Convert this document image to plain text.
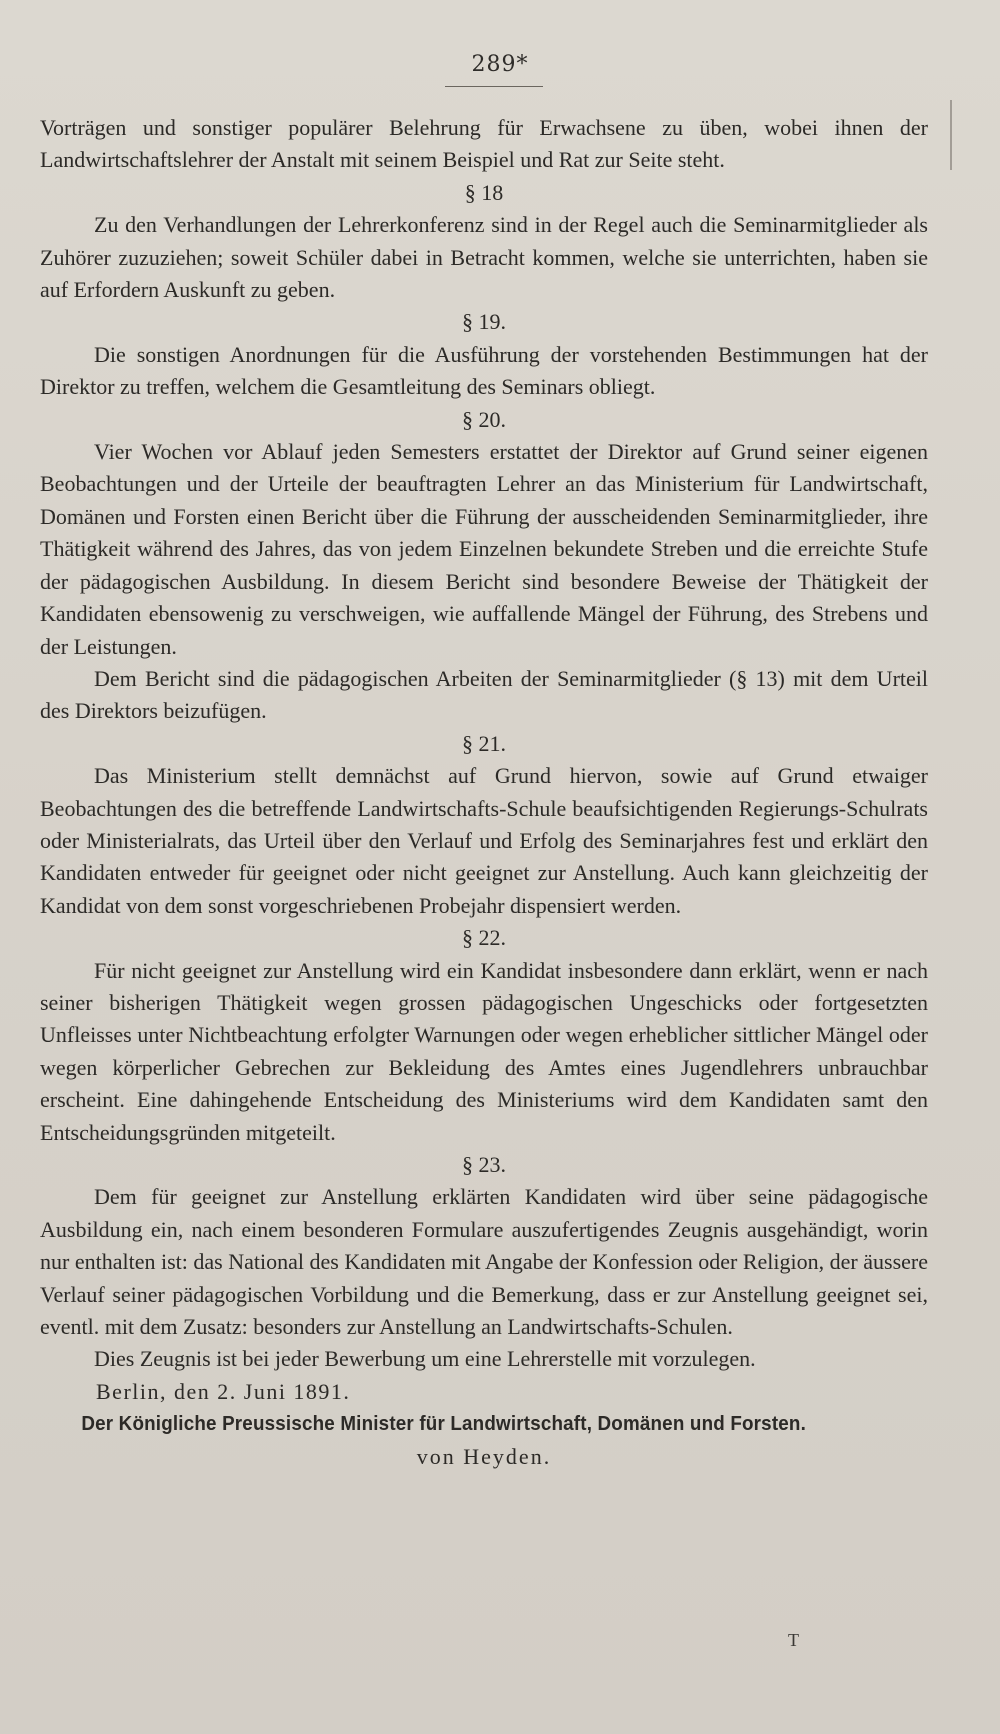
289*

Vorträgen und sonstiger populärer Belehrung für Erwachsene zu üben, wobei ihnen der Landwirtschaftslehrer der Anstalt mit seinem Beispiel und Rat zur Seite steht.

§ 18

Zu den Verhandlungen der Lehrerkonferenz sind in der Regel auch die Seminarmitglieder als Zuhörer zuzuziehen; soweit Schüler dabei in Betracht kommen, welche sie unterrichten, haben sie auf Erfordern Auskunft zu geben.

§ 19.

Die sonstigen Anordnungen für die Ausführung der vorstehenden Bestimmungen hat der Direktor zu treffen, welchem die Gesamtleitung des Seminars obliegt.

§ 20.

Vier Wochen vor Ablauf jeden Semesters erstattet der Direktor auf Grund seiner eigenen Beobachtungen und der Urteile der beauftragten Lehrer an das Ministerium für Landwirtschaft, Domänen und Forsten einen Bericht über die Führung der ausscheidenden Seminarmitglieder, ihre Thätigkeit während des Jahres, das von jedem Einzelnen bekundete Streben und die erreichte Stufe der pädagogischen Ausbildung. In diesem Bericht sind besondere Beweise der Thätigkeit der Kandidaten ebensowenig zu verschweigen, wie auffallende Mängel der Führung, des Strebens und der Leistungen.

Dem Bericht sind die pädagogischen Arbeiten der Seminarmitglieder (§ 13) mit dem Urteil des Direktors beizufügen.

§ 21.

Das Ministerium stellt demnächst auf Grund hiervon, sowie auf Grund etwaiger Beobachtungen des die betreffende Landwirtschafts-Schule beaufsichtigenden Regierungs-Schulrats oder Ministerialrats, das Urteil über den Verlauf und Erfolg des Seminarjahres fest und erklärt den Kandidaten entweder für geeignet oder nicht geeignet zur Anstellung. Auch kann gleichzeitig der Kandidat von dem sonst vorgeschriebenen Probejahr dispensiert werden.

§ 22.

Für nicht geeignet zur Anstellung wird ein Kandidat insbesondere dann erklärt, wenn er nach seiner bisherigen Thätigkeit wegen grossen pädagogischen Ungeschicks oder fortgesetzten Unfleisses unter Nichtbeachtung erfolgter Warnungen oder wegen erheblicher sittlicher Mängel oder wegen körperlicher Gebrechen zur Bekleidung des Amtes eines Jugendlehrers unbrauchbar erscheint. Eine dahingehende Entscheidung des Ministeriums wird dem Kandidaten samt den Entscheidungsgründen mitgeteilt.

§ 23.

Dem für geeignet zur Anstellung erklärten Kandidaten wird über seine pädagogische Ausbildung ein, nach einem besonderen Formulare auszufertigendes Zeugnis ausgehändigt, worin nur enthalten ist: das National des Kandidaten mit Angabe der Konfession oder Religion, der äussere Verlauf seiner pädagogischen Vorbildung und die Bemerkung, dass er zur Anstellung geeignet sei, eventl. mit dem Zusatz: besonders zur Anstellung an Landwirtschafts-Schulen.

Dies Zeugnis ist bei jeder Bewerbung um eine Lehrerstelle mit vorzulegen.

Berlin, den 2. Juni 1891.

Der Königliche Preussische Minister für Landwirtschaft, Domänen und Forsten.

von Heyden.

T
